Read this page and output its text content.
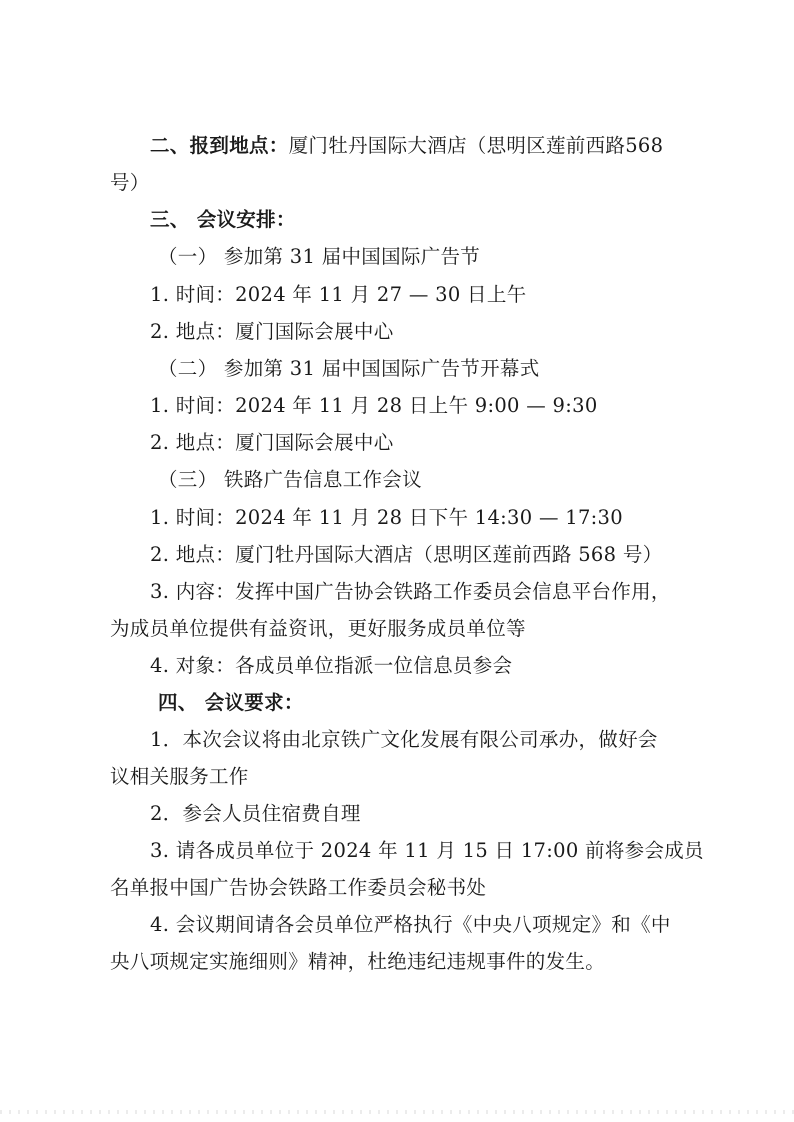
二、报到地点：厦门牡丹国际大酒店（思明区莲前西路568
号）
三、 会议安排：
（一） 参加第 31 届中国国际广告节
1. 时间：2024 年 11 月 27 — 30 日上午
2. 地点：厦门国际会展中心
（二） 参加第 31 届中国国际广告节开幕式
1. 时间：2024 年 11 月 28 日上午 9:00 — 9:30
2. 地点：厦门国际会展中心
（三） 铁路广告信息工作会议
1. 时间：2024 年 11 月 28 日下午 14:30 — 17:30
2. 地点：厦门牡丹国际大酒店（思明区莲前西路 568 号）
3. 内容：发挥中国广告协会铁路工作委员会信息平台作用，
为成员单位提供有益资讯，更好服务成员单位等
4. 对象：各成员单位指派一位信息员参会
四、 会议要求：
1．本次会议将由北京铁广文化发展有限公司承办，做好会
议相关服务工作
2．参会人员住宿费自理
3. 请各成员单位于 2024 年 11 月 15 日 17:00 前将参会成员
名单报中国广告协会铁路工作委员会秘书处
4. 会议期间请各会员单位严格执行《中央八项规定》和《中
央八项规定实施细则》精神，杜绝违纪违规事件的发生。
